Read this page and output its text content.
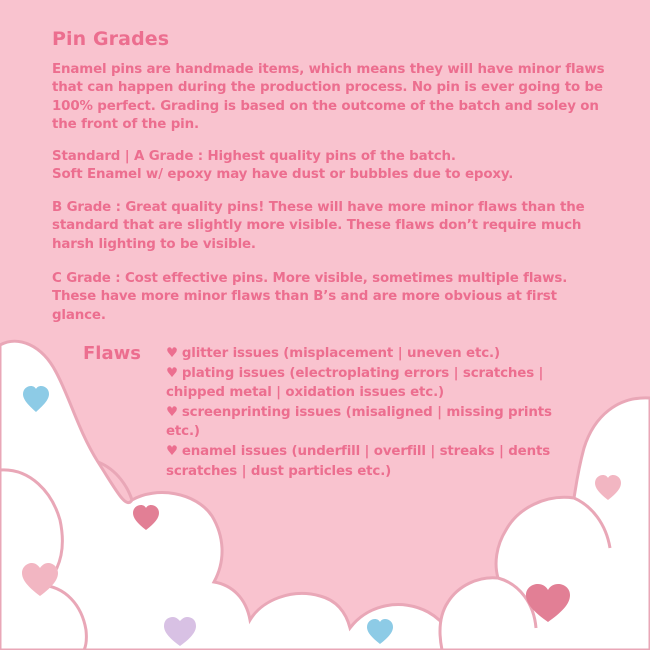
Pin Grades

Enamel pins are handmade items, which means they will have minor flaws that can happen during the production process. No pin is ever going to be 100% perfect. Grading is based on the outcome of the batch and soley on the front of the pin.

Standard | A Grade : Highest quality pins of the batch.
Soft Enamel w/ epoxy may have dust or bubbles due to epoxy.

B Grade : Great quality pins! These will have more minor flaws than the standard that are slightly more visible. These flaws don’t require much harsh lighting to be visible.

C Grade : Cost effective pins. More visible, sometimes multiple flaws. These have more minor flaws than B’s and are more obvious at first glance.

Flaws ♥ glitter issues (misplacement | uneven etc.)
♥ plating issues (electroplating errors | scratches | chipped metal | oxidation issues etc.)
♥ screenprinting issues (misaligned | missing prints etc.)
♥ enamel issues (underfill | overfill | streaks | dents scratches | dust particles etc.)
